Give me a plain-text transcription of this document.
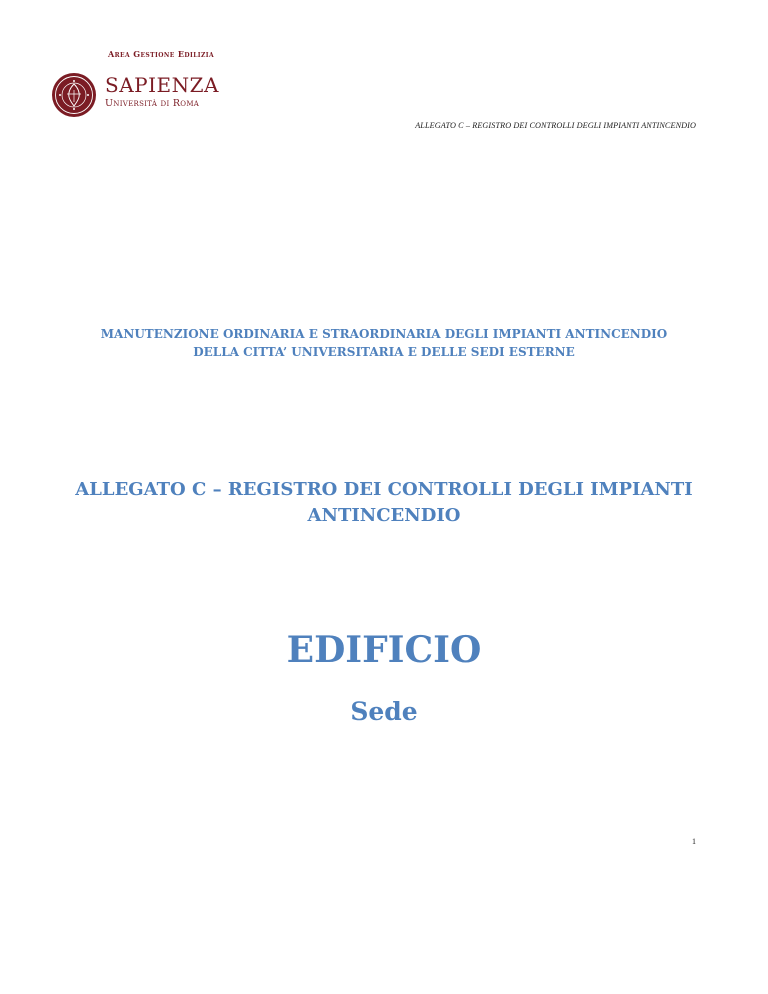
Area Gestione Edilizia
SAPIENZA
Università di Roma
ALLEGATO C – REGISTRO DEI CONTROLLI DEGLI IMPIANTI ANTINCENDIO
MANUTENZIONE ORDINARIA E STRAORDINARIA DEGLI IMPIANTI ANTINCENDIO
DELLA CITTA’ UNIVERSITARIA E DELLE SEDI ESTERNE
ALLEGATO C – REGISTRO DEI CONTROLLI DEGLI IMPIANTI
ANTINCENDIO
EDIFICIO
Sede
1
